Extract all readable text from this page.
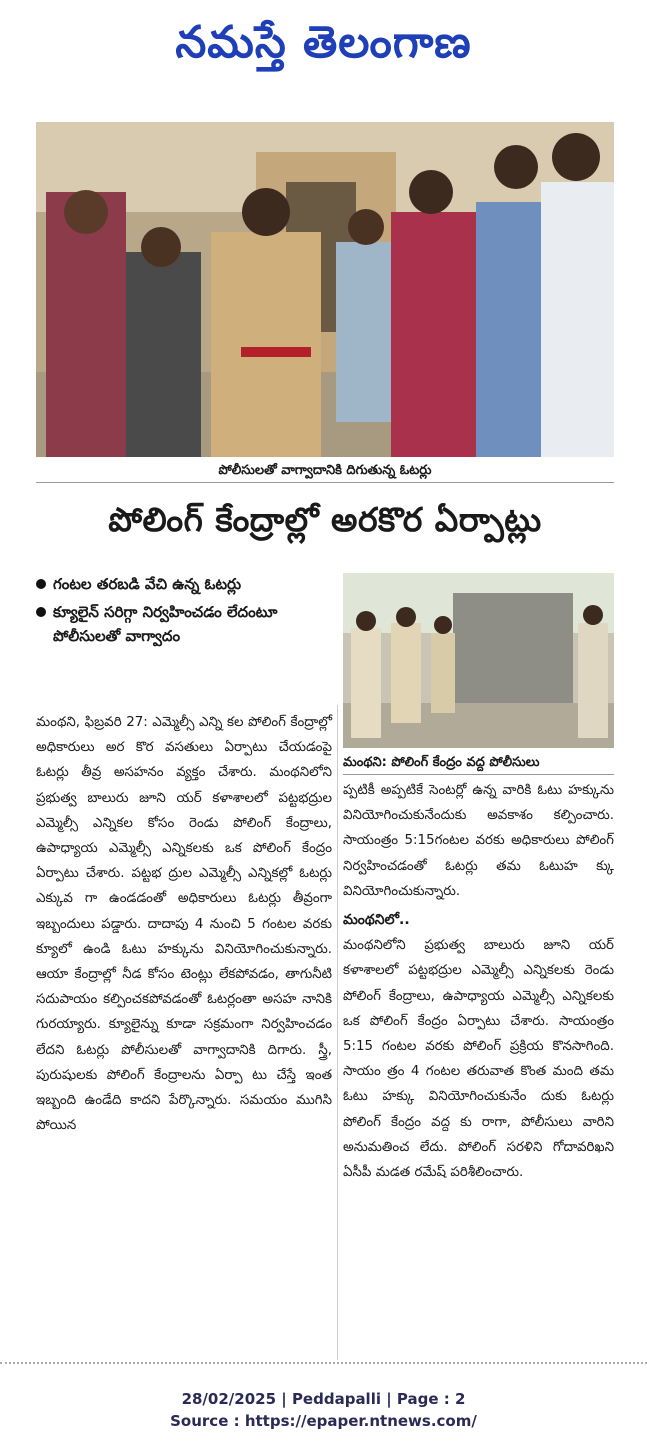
నమస్తే తెలంగాణ
పోలీసులతో వాగ్వాదానికి దిగుతున్న ఓటర్లు
పోలింగ్ కేంద్రాల్లో అరకొర ఏర్పాట్లు
గంటల తరబడి వేచి ఉన్న ఓటర్లు
క్యూలైన్ సరిగ్గా నిర్వహించడం లేదంటూ పోలీసులతో వాగ్వాదం
మంథని: పోలింగ్ కేంద్రం వద్ద పోలీసులు
మంథని, ఫిబ్రవరి 27: ఎమ్మెల్సీ ఎన్ని కల పోలింగ్ కేంద్రాల్లో అధికారులు అర కొర వసతులు ఏర్పాటు చేయడంపై ఓటర్లు తీవ్ర అసహనం వ్యక్తం చేశారు. మంథనిలోని ప్రభుత్వ బాలురు జూని యర్ కళాశాలలో పట్టభద్రుల ఎమ్మెల్సీ ఎన్నికల కోసం రెండు పోలింగ్ కేంద్రాలు, ఉపాధ్యాయ ఎమ్మెల్సీ ఎన్నికలకు ఒక పోలింగ్ కేంద్రం ఏర్పాటు చేశారు. పట్టభ ద్రుల ఎమ్మెల్సీ ఎన్నికల్లో ఓటర్లు ఎక్కువ గా ఉండడంతో అధికారులు ఓటర్లు తీవ్రంగా ఇబ్బందులు పడ్డారు. దాదాపు 4 నుంచి 5 గంటల వరకు క్యూలో ఉండి ఓటు హక్కును వినియోగించుకున్నారు. ఆయా కేంద్రాల్లో నీడ కోసం టెంట్లు లేకపోవడం, తాగునీటి సదుపాయం కల్పించకపోవడంతో ఓటర్లంతా అసహ నానికి గురయ్యారు. క్యూలైన్ను కూడా సక్రమంగా నిర్వహించడం లేదని ఓటర్లు పోలీసులతో వాగ్వాదానికి దిగారు. స్త్రీ, పురుషులకు పోలింగ్ కేంద్రాలను ఏర్పా టు చేస్తే ఇంత ఇబ్బంది ఉండేది కాదని పేర్కొన్నారు. సమయం ముగిసి పోయిన
ప్పటికీ అప్పటికే సెంటర్లో ఉన్న వారికి ఓటు హక్కును వినియోగించుకునేందుకు అవకాశం కల్పించారు. సాయంత్రం 5:15గంటల వరకు అధికారులు పోలింగ్ నిర్వహించడంతో ఓటర్లు తమ ఓటుహ క్కు వినియోగించుకున్నారు.
మంథనిలో..
మంథనిలోని ప్రభుత్వ బాలురు జూని యర్ కళాశాలలో పట్టభద్రుల ఎమ్మెల్సీ ఎన్నికలకు రెండు పోలింగ్ కేంద్రాలు, ఉపాధ్యాయ ఎమ్మెల్సీ ఎన్నికలకు ఒక పోలింగ్ కేంద్రం ఏర్పాటు చేశారు. సాయంత్రం 5:15 గంటల వరకు పోలింగ్ ప్రక్రియ కొనసాగింది. సాయం త్రం 4 గంటల తరువాత కొంత మంది తమ ఓటు హక్కు వినియోగించుకునేం దుకు ఓటర్లు పోలింగ్ కేంద్రం వద్ద కు రాగా, పోలీసులు వారిని అనుమతించ లేదు. పోలింగ్ సరళిని గోదావరిఖని ఏసీపీ మడత రమేష్ పరిశీలించారు.
28/02/2025 | Peddapalli | Page : 2
Source : https://epaper.ntnews.com/
